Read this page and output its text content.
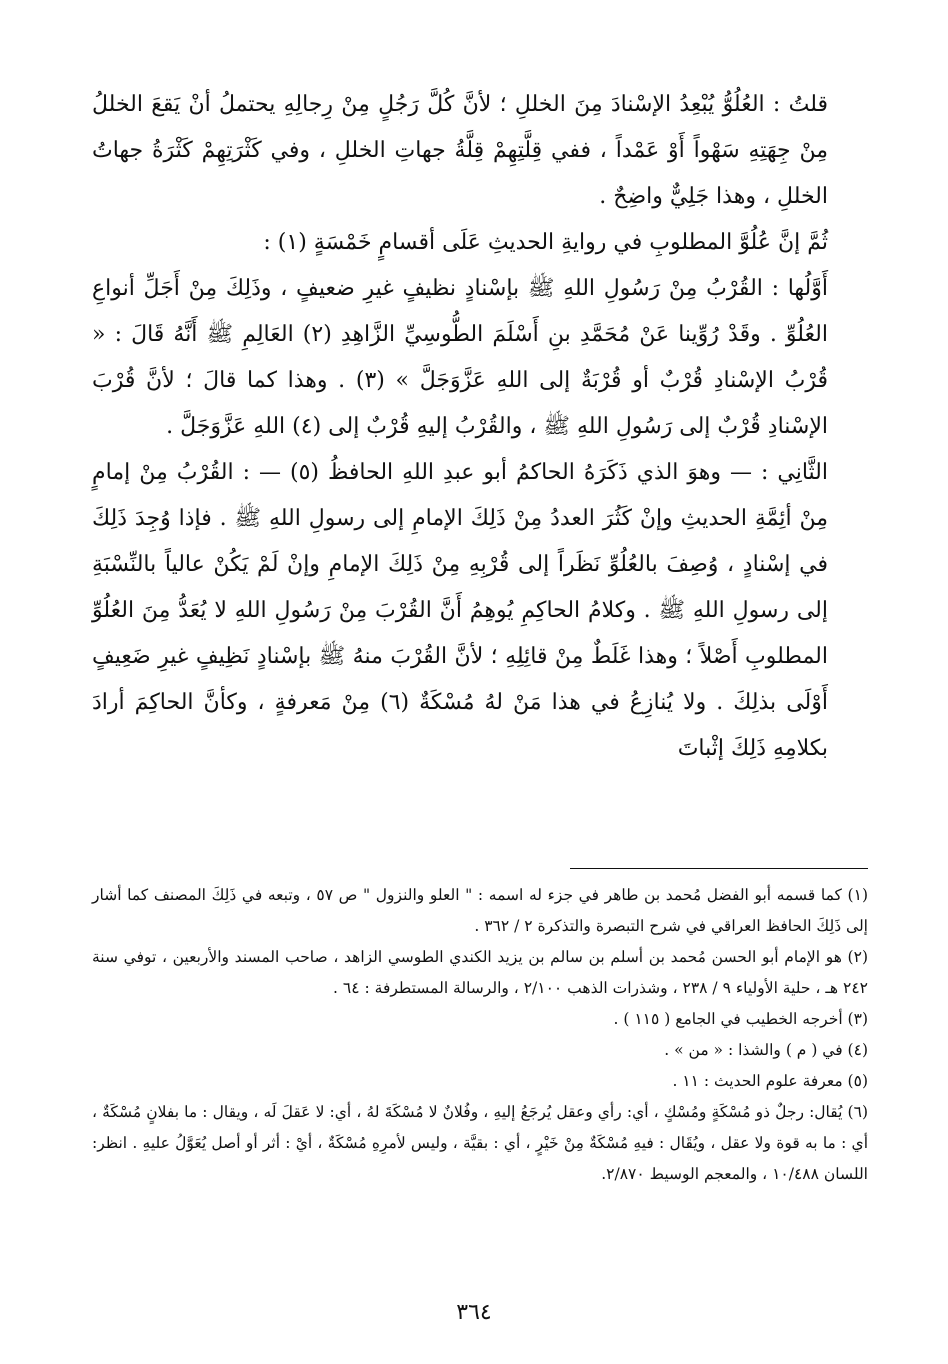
قلتُ : العُلُوُّ يُبْعِدُ الإسْنادَ مِنَ الخللِ ؛ لأنَّ كُلَّ رَجُلٍ مِنْ رِجالِهِ يحتملُ أنْ يَقعَ الخللُ مِنْ جِهَتِهِ سَهْواً أَوْ عَمْداً ، ففي قِلَّتِهِمْ قِلَّةُ جهاتِ الخللِ ، وفي كَثْرَتِهِمْ كَثْرَةُ جهاتُ الخللِ ، وهذا جَلِيٌّ واضِحٌ .

ثُمَّ إنَّ عُلُوَّ المطلوبِ في روايةِ الحديثِ عَلَى أقسامٍ خَمْسَةٍ (١) :

أَوَّلُها : القُرْبُ مِنْ رَسُولِ اللهِ ﷺ بإسْنادٍ نظيفٍ غيرِ ضعيفٍ ، وذَلِكَ مِنْ أَجَلِّ أنواعِ العُلُوِّ . وقَدْ رُوِّينا عَنْ مُحَمَّدِ بنِ أَسْلَمَ الطُّوسِيِّ الزَّاهِدِ (٢) العَالِمِ ﷺ أَنَّهُ قَالَ : « قُرْبُ الإسْنادِ قُرْبٌ أو قُرْبَةٌ إلى اللهِ عَزَّوَجَلَّ » (٣) . وهذا كما قالَ ؛ لأنَّ قُرْبَ الإسْنادِ قُرْبٌ إلى رَسُولِ اللهِ ﷺ ، والقُرْبُ إليهِ قُرْبٌ إلى (٤) اللهِ عَزَّوَجَلَّ .

الثَّانِي : — وهوَ الذي ذَكَرَهُ الحاكمُ أبو عبدِ اللهِ الحافظُ (٥) — : القُرْبُ مِنْ إمامٍ مِنْ أئِمَّةِ الحديثِ وإنْ كَثُرَ العددُ مِنْ ذَلِكَ الإمامِ إلى رسولِ اللهِ ﷺ . فإذا وُجِدَ ذَلِكَ في إسْنادٍ ، وُصِفَ بالعُلُوِّ نَظَراً إلى قُرْبِهِ مِنْ ذَلِكَ الإمامِ وإنْ لَمْ يَكُنْ عالياً بالنِّسْبَةِ إلى رسولِ اللهِ ﷺ . وكلامُ الحاكِمِ يُوهِمُ أَنَّ القُرْبَ مِنْ رَسُولِ اللهِ لا يُعَدُّ مِنَ العُلُوِّ المطلوبِ أَصْلاً ؛ وهذا غَلَطٌ مِنْ قائِلِهِ ؛ لأنَّ القُرْبَ منهُ ﷺ بإسْنادٍ نَظِيفٍ غيرِ ضَعِيفٍ أَوْلَى بذلِكَ . ولا يُنازِعُ في هذا مَنْ لهُ مُسْكَةٌ (٦) مِنْ مَعرفةٍ ، وكأنَّ الحاكِمَ أرادَ بكلامِهِ ذَلِكَ إثْباتَ

(١) كما قسمه أبو الفضل مُحمد بن طاهر في جزء له اسمه : " العلو والنزول " ص ٥٧ ، وتبعه في ذَلِكَ المصنف كما أشار إلى ذَلِكَ الحافظ العراقي في شرح التبصرة والتذكرة ٢ / ٣٦٢ .

(٢) هو الإمام أبو الحسن مُحمد بن أسلم بن سالم بن يزيد الكندي الطوسي الزاهد ، صاحب المسند والأربعين ، توفي سنة ٢٤٢ هـ ، حلية الأولياء ٩ / ٢٣٨ ، وشذرات الذهب ٢/١٠٠ ، والرسالة المستطرفة : ٦٤ .

(٣) أخرجه الخطيب في الجامع ( ١١٥ ) .

(٤) في ( م ) والشذا : « من » .

(٥) معرفة علوم الحديث : ١١ .

(٦) يُقال: رجلٌ ذو مُسْكَةٍ ومُسْكٍ ، أي: رأي وعقل يُرجَعُ إليهِ ، وفُلانٌ لا مُسْكَةَ لهُ ، أي: لا عَقلَ لَه ، ويقال : ما بفلانٍ مُسْكَةٌ ، أي : ما به قوة ولا عقل ، ويُقَال : فيهِ مُسْكَةٌ مِنْ خَيْرٍ ، أي : بقيَّة ، وليس لأمرِهِ مُسْكَةٌ ، أيْ : أثر أو أصل يُعَوَّلُ عليهِ . انظر: اللسان ١٠/٤٨٨ ، والمعجم الوسيط ٢/٨٧٠.

٣٦٤
